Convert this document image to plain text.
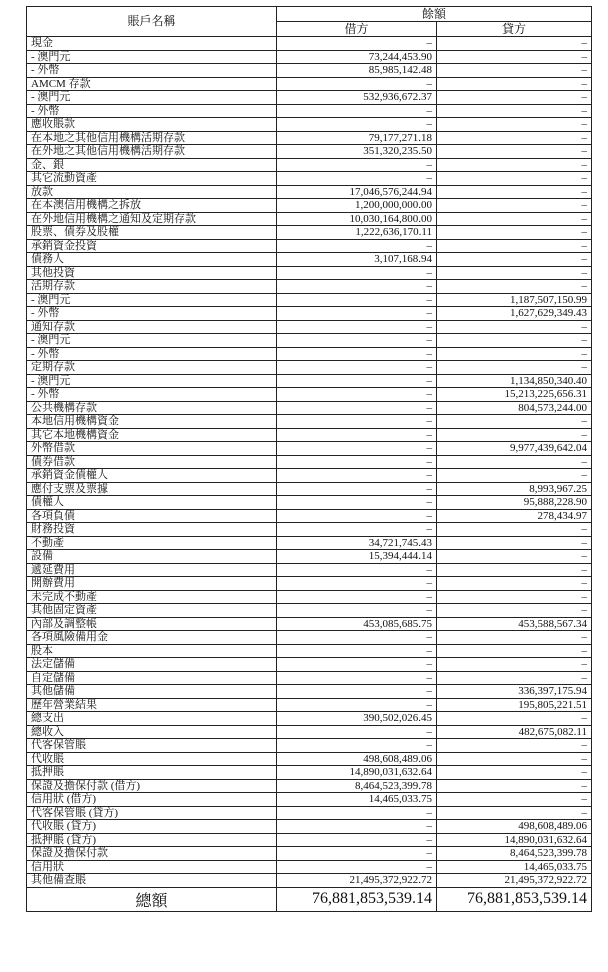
賬戶名稱	餘額	
	借方	貸方
現金	–	–
- 澳門元	73,244,453.90	–
- 外幣	85,985,142.48	–
AMCM 存款	–	–
- 澳門元	532,936,672.37	–
- 外幣	–	–
應收賬款	–	–
在本地之其他信用機構活期存款	79,177,271.18	–
在外地之其他信用機構活期存款	351,320,235.50	–
金、銀	–	–
其它流動資產	–	–
放款	17,046,576,244.94	–
在本澳信用機構之拆放	1,200,000,000.00	–
在外地信用機構之通知及定期存款	10,030,164,800.00	–
股票、債券及股權	1,222,636,170.11	–
承銷資金投資	–	–
債務人	3,107,168.94	–
其他投資	–	–
活期存款	–	–
- 澳門元	–	1,187,507,150.99
- 外幣	–	1,627,629,349.43
通知存款	–	–
- 澳門元	–	–
- 外幣	–	–
定期存款	–	–
- 澳門元	–	1,134,850,340.40
- 外幣	–	15,213,225,656.31
公共機構存款	–	804,573,244.00
本地信用機構資金	–	–
其它本地機構資金	–	–
外幣借款	–	9,977,439,642.04
債券借款	–	–
承銷資金債權人	–	–
應付支票及票據	–	8,993,967.25
債權人	–	95,888,228.90
各項負債	–	278,434.97
財務投資	–	–
不動產	34,721,745.43	–
設備	15,394,444.14	–
遞延費用	–	–
開辦費用	–	–
未完成不動產	–	–
其他固定資產	–	–
內部及調整帳	453,085,685.75	453,588,567.34
各項風險備用金	–	–
股本	–	–
法定儲備	–	–
自定儲備	–	–
其他儲備	–	336,397,175.94
歷年營業結果	–	195,805,221.51
總支出	390,502,026.45	–
總收入	–	482,675,082.11
代客保管賬	–	–
代收賬	498,608,489.06	–
抵押賬	14,890,031,632.64	–
保證及擔保付款 (借方)	8,464,523,399.78	–
信用狀 (借方)	14,465,033.75	–
代客保管賬 (貸方)	–	–
代收賬 (貸方)	–	498,608,489.06
抵押賬 (貸方)	–	14,890,031,632.64
保證及擔保付款	–	8,464,523,399.78
信用狀	–	14,465,033.75
其他備查賬	21,495,372,922.72	21,495,372,922.72
總額	76,881,853,539.14	76,881,853,539.14
